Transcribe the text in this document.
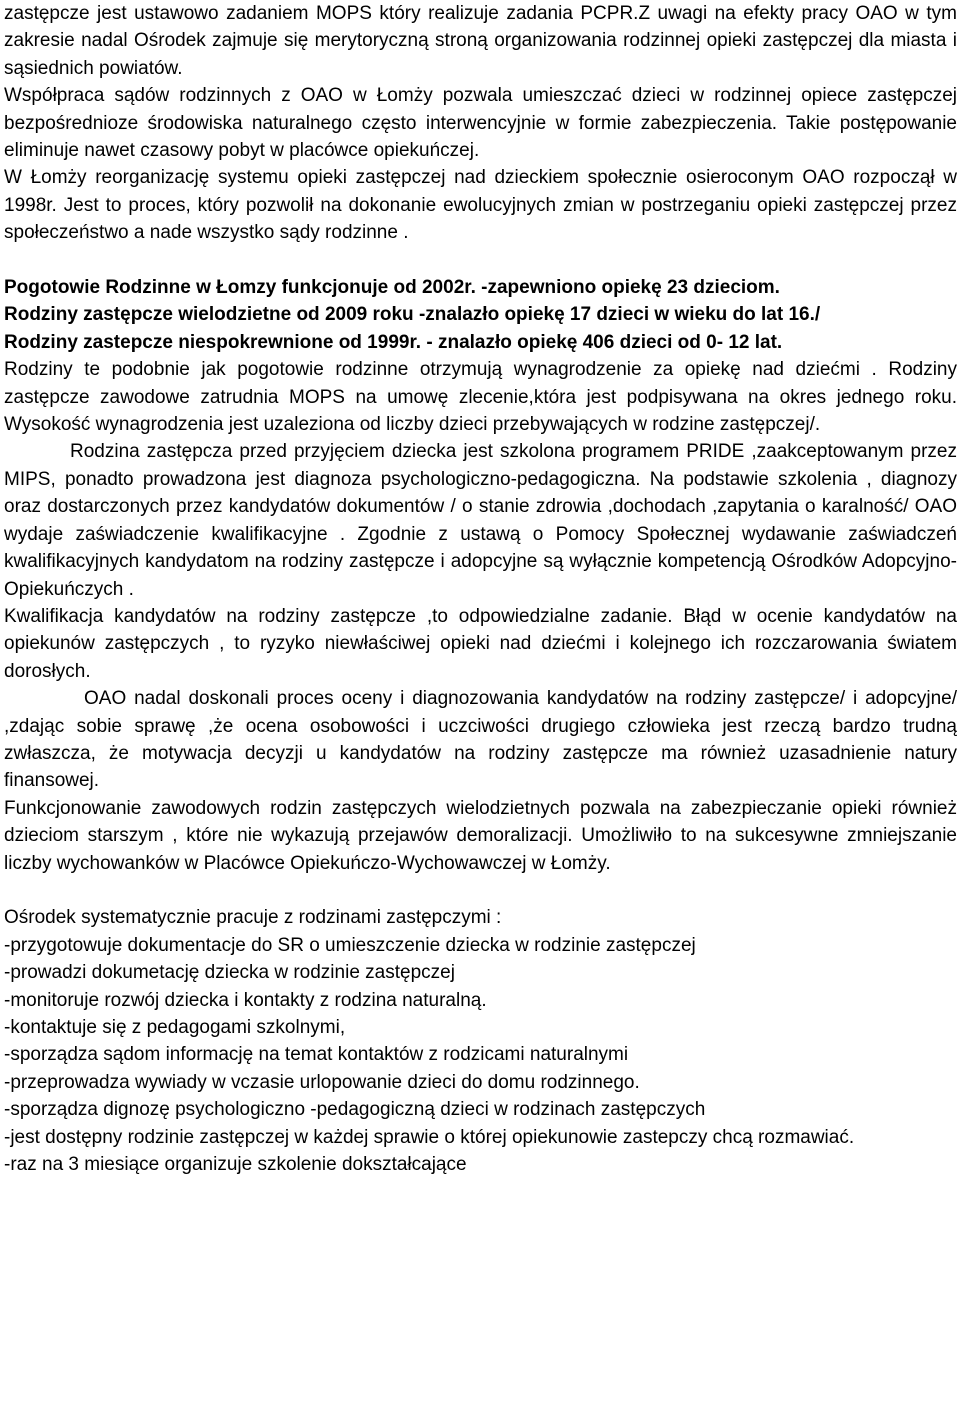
zastępcze jest ustawowo zadaniem MOPS który realizuje zadania PCPR.Z uwagi na efekty pracy OAO w tym zakresie nadal Ośrodek zajmuje się merytoryczną stroną organizowania rodzinnej opieki zastępczej dla miasta i sąsiednich powiatów.

Współpraca sądów rodzinnych z OAO w Łomży pozwala umieszczać dzieci w rodzinnej opiece zastępczej bezpośrednioze środowiska naturalnego często interwencyjnie w formie zabezpieczenia. Takie postępowanie eliminuje nawet czasowy pobyt w placówce opiekuńczej.

W Łomży reorganizację systemu opieki zastępczej nad dzieckiem społecznie osieroconym OAO rozpoczął w 1998r. Jest to proces, który pozwolił na dokonanie ewolucyjnych zmian w postrzeganiu opieki zastępczej przez społeczeństwo a nade wszystko sądy rodzinne .

Pogotowie Rodzinne w Łomzy funkcjonuje od 2002r. -zapewniono opiekę 23 dzieciom.

Rodziny zastępcze wielodzietne od 2009 roku -znalazło opiekę 17 dzieci w wieku do lat 16./

Rodziny zastepcze niespokrewnione od 1999r. - znalazło opiekę 406 dzieci od 0- 12 lat.

Rodziny te podobnie jak pogotowie rodzinne otrzymują wynagrodzenie za opiekę nad dziećmi . Rodziny zastępcze zawodowe zatrudnia MOPS na umowę zlecenie,która jest podpisywana na okres jednego roku. Wysokość wynagrodzenia jest uzaleziona od liczby dzieci przebywających w rodzine zastępczej/.

Rodzina zastępcza przed przyjęciem dziecka jest szkolona programem PRIDE ,zaakceptowanym przez MIPS, ponadto prowadzona jest diagnoza psychologiczno-pedagogiczna. Na podstawie szkolenia , diagnozy oraz dostarczonych przez kandydatów dokumentów / o stanie zdrowia ,dochodach ,zapytania o karalność/ OAO wydaje zaświadczenie kwalifikacyjne . Zgodnie z ustawą o Pomocy Społecznej wydawanie zaświadczeń kwalifikacyjnych kandydatom na rodziny zastępcze i adopcyjne są wyłącznie kompetencją Ośrodków Adopcyjno-Opiekuńczych .

Kwalifikacja kandydatów na rodziny zastępcze ,to odpowiedzialne zadanie. Błąd w ocenie kandydatów na opiekunów zastępczych , to ryzyko niewłaściwej opieki nad dziećmi i kolejnego ich rozczarowania światem dorosłych.

OAO nadal doskonali proces oceny i diagnozowania kandydatów na rodziny zastępcze/ i adopcyjne/ ,zdając sobie sprawę ,że ocena osobowości i uczciwości drugiego człowieka jest rzeczą bardzo trudną zwłaszcza, że motywacja decyzji u kandydatów na rodziny zastępcze ma również uzasadnienie natury finansowej.

Funkcjonowanie zawodowych rodzin zastępczych wielodzietnych pozwala na zabezpieczanie opieki również dzieciom starszym , które nie wykazują przejawów demoralizacji. Umożliwiło to na sukcesywne zmniejszanie liczby wychowanków w Placówce Opiekuńczo-Wychowawczej w Łomży.

Ośrodek systematycznie pracuje z rodzinami zastępczymi :

-przygotowuje dokumentacje do SR o umieszczenie dziecka w rodzinie zastępczej

-prowadzi dokumetację dziecka w rodzinie zastępczej

-monitoruje rozwój dziecka i kontakty z rodzina naturalną.

-kontaktuje się z pedagogami szkolnymi,

-sporządza sądom informację na temat kontaktów z rodzicami naturalnymi

-przeprowadza wywiady w vczasie urlopowanie dzieci do domu rodzinnego.

-sporządza dignozę psychologiczno -pedagogiczną dzieci w rodzinach zastępczych

-jest dostępny rodzinie zastępczej w każdej sprawie o której opiekunowie zastepczy chcą rozmawiać.

-raz na 3 miesiące organizuje szkolenie dokształcające
